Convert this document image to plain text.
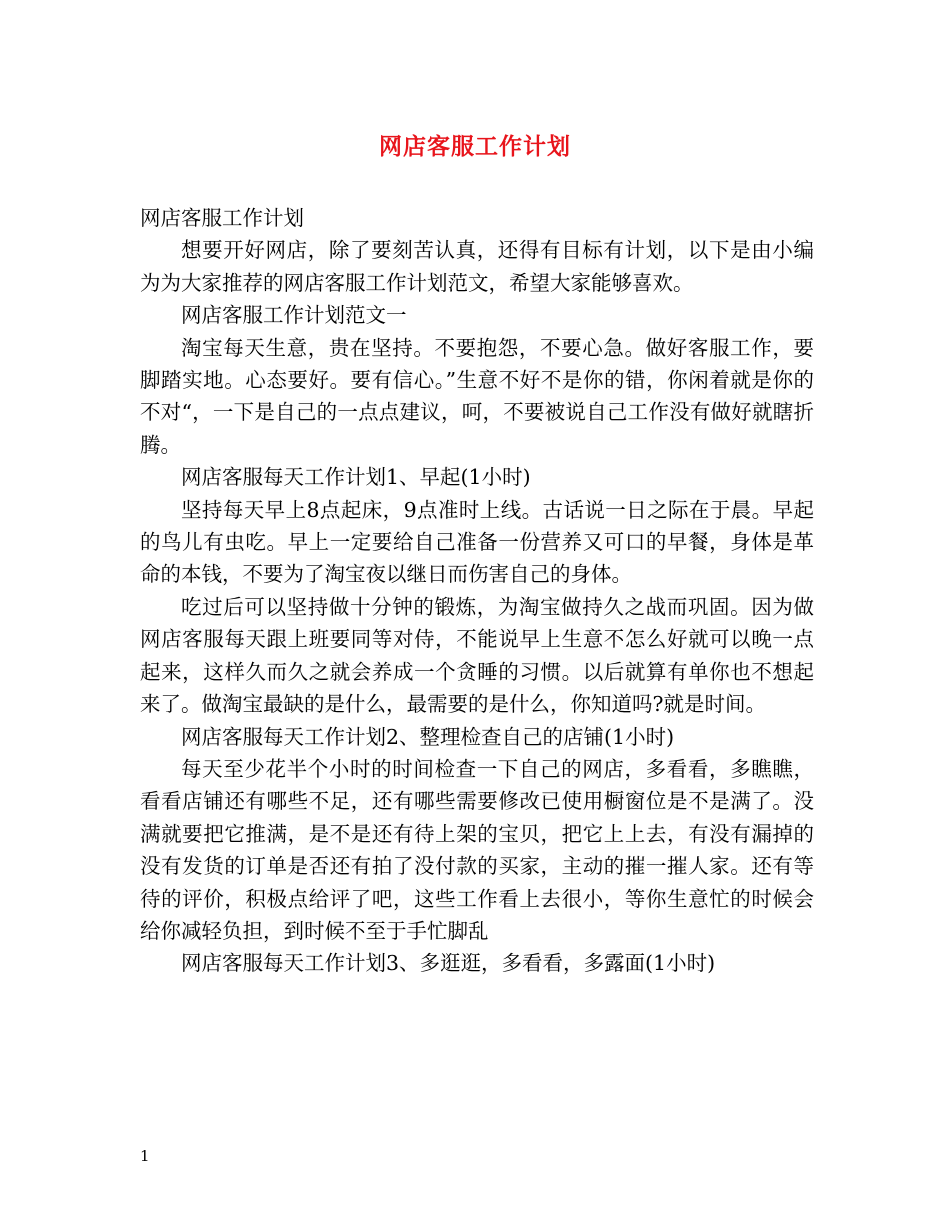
网店客服工作计划

网店客服工作计划

想要开好网店，除了要刻苦认真，还得有目标有计划，以下是由小编为为大家推荐的网店客服工作计划范文，希望大家能够喜欢。

网店客服工作计划范文一

淘宝每天生意，贵在坚持。不要抱怨，不要心急。做好客服工作，要脚踏实地。心态要好。要有信心。”生意不好不是你的错，你闲着就是你的不对“，一下是自己的一点点建议，呵，不要被说自己工作没有做好就瞎折腾。

网店客服每天工作计划1、早起(1小时)

坚持每天早上8点起床，9点准时上线。古话说一日之际在于晨。早起的鸟儿有虫吃。早上一定要给自己准备一份营养又可口的早餐，身体是革命的本钱，不要为了淘宝夜以继日而伤害自己的身体。

吃过后可以坚持做十分钟的锻炼，为淘宝做持久之战而巩固。因为做网店客服每天跟上班要同等对侍，不能说早上生意不怎么好就可以晚一点起来，这样久而久之就会养成一个贪睡的习惯。以后就算有单你也不想起来了。做淘宝最缺的是什么，最需要的是什么，你知道吗?就是时间。

网店客服每天工作计划2、整理检查自己的店铺(1小时)

每天至少花半个小时的时间检查一下自己的网店，多看看，多瞧瞧，看看店铺还有哪些不足，还有哪些需要修改已使用橱窗位是不是满了。没满就要把它推满，是不是还有待上架的宝贝，把它上上去，有没有漏掉的没有发货的订单是否还有拍了没付款的买家，主动的摧一摧人家。还有等待的评价，积极点给评了吧，这些工作看上去很小，等你生意忙的时候会给你减轻负担，到时候不至于手忙脚乱

网店客服每天工作计划3、多逛逛，多看看，多露面(1小时)

1
